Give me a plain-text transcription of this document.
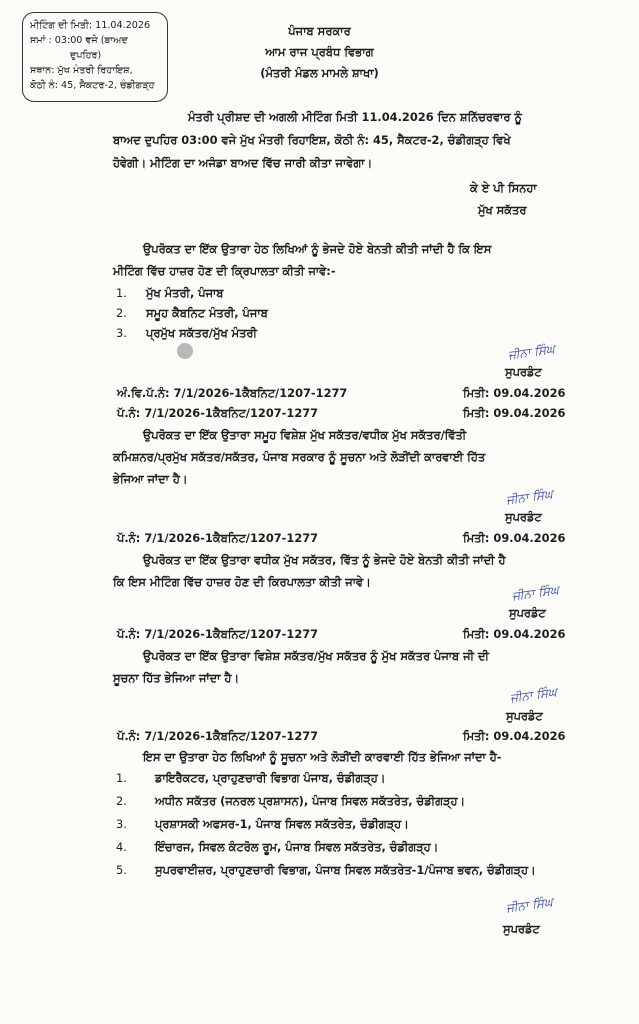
ਮੀਟਿੰਗ ਦੀ ਮਿਤੀ: 11.04.2026
ਸਮਾਂ : 03:00 ਵਜੇ (ਬਾਅਦ
ਦੁਪਹਿਰ)
ਸਥਾਨ: ਮੁੱਖ ਮੰਤਰੀ ਰਿਹਾਇਸ਼,
ਕੋਠੀ ਨੰ: 45, ਸੈਕਟਰ-2, ਚੰਡੀਗੜ੍ਹ
ਪੰਜਾਬ ਸਰਕਾਰ
ਆਮ ਰਾਜ ਪ੍ਰਬੰਧ ਵਿਭਾਗ
(ਮੰਤਰੀ ਮੰਡਲ ਮਾਮਲੇ ਸ਼ਾਖਾ)
ਮੰਤਰੀ ਪ੍ਰੀਸ਼ਦ ਦੀ ਅਗਲੀ ਮੀਟਿੰਗ ਮਿਤੀ 11.04.2026 ਦਿਨ ਸ਼ਨਿੱਚਰਵਾਰ ਨੂੰ
ਬਾਅਦ ਦੁਪਹਿਰ 03:00 ਵਜੇ ਮੁੱਖ ਮੰਤਰੀ ਰਿਹਾਇਸ਼, ਕੋਠੀ ਨੰ: 45, ਸੈਕਟਰ-2, ਚੰਡੀਗੜ੍ਹ ਵਿਖੇ
ਹੋਵੇਗੀ। ਮੀਟਿੰਗ ਦਾ ਅਜੰਡਾ ਬਾਅਦ ਵਿੱਚ ਜਾਰੀ ਕੀਤਾ ਜਾਵੇਗਾ।
ਕੇ ਏ ਪੀ ਸਿਨਹਾ
ਮੁੱਖ ਸਕੱਤਰ
ਉਪਰੋਕਤ ਦਾ ਇੱਕ ਉਤਾਰਾ ਹੇਠ ਲਿਖਿਆਂ ਨੂੰ ਭੇਜਦੇ ਹੋਏ ਬੇਨਤੀ ਕੀਤੀ ਜਾਂਦੀ ਹੈ ਕਿ ਇਸ
ਮੀਟਿੰਗ ਵਿੱਚ ਹਾਜ਼ਰ ਹੋਣ ਦੀ ਕ੍ਰਿਪਾਲਤਾ ਕੀਤੀ ਜਾਵੇ:-
1. ਮੁੱਖ ਮੰਤਰੀ, ਪੰਜਾਬ
2. ਸਮੂਹ ਕੈਬਨਿਟ ਮੰਤਰੀ, ਪੰਜਾਬ
3. ਪ੍ਰਮੁੱਖ ਸਕੱਤਰ/ਮੁੱਖ ਮੰਤਰੀ
ਜੀਨਾ ਸਿੰਘ
ਸੁਪਰਡੰਟ
ਅੰ.ਵਿ.ਪੱ.ਨੰ: 7/1/2026-1ਕੈਬਨਿਟ/1207-1277	ਮਿਤੀ: 09.04.2026
ਪੱ.ਨੰ: 7/1/2026-1ਕੈਬਨਿਟ/1207-1277	ਮਿਤੀ: 09.04.2026
ਉਪਰੋਕਤ ਦਾ ਇੱਕ ਉਤਾਰਾ ਸਮੂਹ ਵਿਸ਼ੇਸ਼ ਮੁੱਖ ਸਕੱਤਰ/ਵਧੀਕ ਮੁੱਖ ਸਕੱਤਰ/ਵਿੱਤੀ
ਕਮਿਸ਼ਨਰ/ਪ੍ਰਮੁੱਖ ਸਕੱਤਰ/ਸਕੱਤਰ, ਪੰਜਾਬ ਸਰਕਾਰ ਨੂੰ ਸੂਚਨਾ ਅਤੇ ਲੋੜੀਂਦੀ ਕਾਰਵਾਈ ਹਿੱਤ
ਭੇਜਿਆ ਜਾਂਦਾ ਹੈ।
ਜੀਨਾ ਸਿੰਘ
ਸੁਪਰਡੰਟ
ਪੱ.ਨੰ: 7/1/2026-1ਕੈਬਨਿਟ/1207-1277	ਮਿਤੀ: 09.04.2026
ਉਪਰੋਕਤ ਦਾ ਇੱਕ ਉਤਾਰਾ ਵਧੀਕ ਮੁੱਖ ਸਕੱਤਰ, ਵਿੱਤ ਨੂੰ ਭੇਜਦੇ ਹੋਏ ਬੇਨਤੀ ਕੀਤੀ ਜਾਂਦੀ ਹੈ
ਕਿ ਇਸ ਮੀਟਿੰਗ ਵਿੱਚ ਹਾਜ਼ਰ ਹੋਣ ਦੀ ਕਿਰਪਾਲਤਾ ਕੀਤੀ ਜਾਵੇ।
ਜੀਨਾ ਸਿੰਘ
ਸੁਪਰਡੰਟ
ਪੱ.ਨੰ: 7/1/2026-1ਕੈਬਨਿਟ/1207-1277	ਮਿਤੀ: 09.04.2026
ਉਪਰੋਕਤ ਦਾ ਇੱਕ ਉਤਾਰਾ ਵਿਸ਼ੇਸ਼ ਸਕੱਤਰ/ਮੁੱਖ ਸਕੱਤਰ ਨੂੰ ਮੁੱਖ ਸਕੱਤਰ ਪੰਜਾਬ ਜੀ ਦੀ
ਸੂਚਨਾ ਹਿੱਤ ਭੇਜਿਆ ਜਾਂਦਾ ਹੈ।
ਜੀਨਾ ਸਿੰਘ
ਸੁਪਰਡੰਟ
ਪੱ.ਨੰ: 7/1/2026-1ਕੈਬਨਿਟ/1207-1277	ਮਿਤੀ: 09.04.2026
ਇਸ ਦਾ ਉਤਾਰਾ ਹੇਠ ਲਿਖਿਆਂ ਨੂੰ ਸੂਚਨਾ ਅਤੇ ਲੋੜੀਂਦੀ ਕਾਰਵਾਈ ਹਿੱਤ ਭੇਜਿਆ ਜਾਂਦਾ ਹੈ-
1. ਡਾਇਰੈਕਟਰ, ਪ੍ਰਾਹੁਣਚਾਰੀ ਵਿਭਾਗ ਪੰਜਾਬ, ਚੰਡੀਗੜ੍ਹ।
2. ਅਧੀਨ ਸਕੱਤਰ (ਜਨਰਲ ਪ੍ਰਸ਼ਾਸਨ), ਪੰਜਾਬ ਸਿਵਲ ਸਕੱਤਰੇਤ, ਚੰਡੀਗੜ੍ਹ।
3. ਪ੍ਰਸ਼ਾਸਕੀ ਅਫਸਰ-1, ਪੰਜਾਬ ਸਿਵਲ ਸਕੱਤਰੇਤ, ਚੰਡੀਗੜ੍ਹ।
4. ਇੰਚਾਰਜ, ਸਿਵਲ ਕੰਟਰੋਲ ਰੂਮ, ਪੰਜਾਬ ਸਿਵਲ ਸਕੱਤਰੇਤ, ਚੰਡੀਗੜ੍ਹ।
5. ਸੁਪਰਵਾਈਜ਼ਰ, ਪ੍ਰਾਹੁਣਚਾਰੀ ਵਿਭਾਗ, ਪੰਜਾਬ ਸਿਵਲ ਸਕੱਤਰੇਤ-1/ਪੰਜਾਬ ਭਵਨ, ਚੰਡੀਗੜ੍ਹ।
ਜੀਨਾ ਸਿੰਘ
ਸੁਪਰਡੰਟ
